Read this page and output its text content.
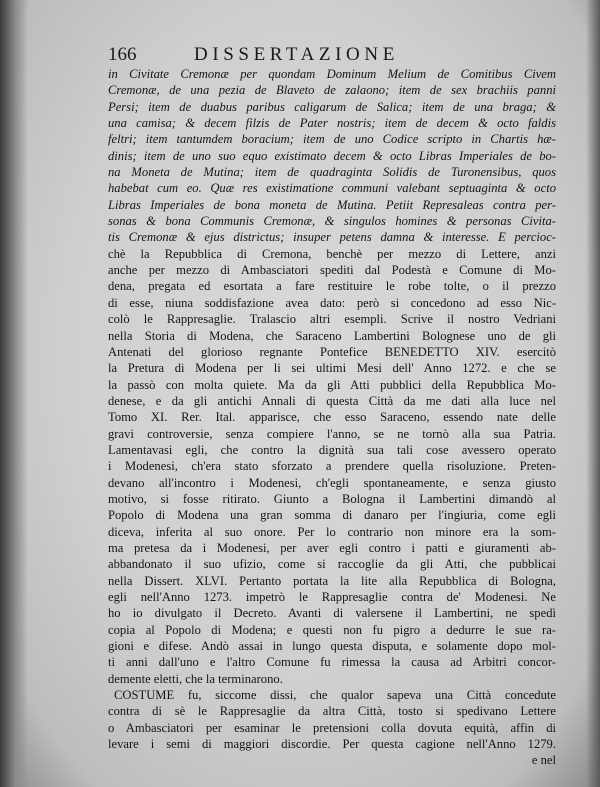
166	DISSERTAZIONE
in Civitate Cremonæ per quondam Dominum Melium de Comitibus Civem
Cremonæ, de una pezia de Blaveto de zalaono; item de sex brachiis panni
Persi; item de duabus paribus caligarum de Salica; item de una braga; &
una camisa; & decem filzis de Pater nostris; item de decem & octo faldis
feltri; item tantumdem boracium; item de uno Codice scripto in Chartis hæ-
dinis; item de uno suo equo existimato decem & octo Libras Imperiales de bo-
na Moneta de Mutina; item de quadraginta Solidis de Turonensibus, quos
habebat cum eo. Quæ res existimatione communi valebant septuaginta & octo
Libras Imperiales de bona moneta de Mutina. Petiit Represaleas contra per-
sonas & bona Communis Cremonæ, & singulos homines & personas Civita-
tis Cremonæ & ejus districtus; insuper petens damna & interesse. E percioc-
chè la Repubblica di Cremona, benchè per mezzo di Lettere, anzi
anche per mezzo di Ambasciatori spediti dal Podestà e Comune di Mo-
dena, pregata ed esortata a fare restituire le robe tolte, o il prezzo
di esse, niuna soddisfazione avea dato: però si concedono ad esso Nic-
colò le Rappresaglie. Tralascio altri esempli. Scrive il nostro Vedriani
nella Storia di Modena, che Saraceno Lambertini Bolognese uno de gli
Antenati del glorioso regnante Pontefice BENEDETTO XIV. esercitò
la Pretura di Modena per li sei ultimi Mesi dell' Anno 1272. e che se
la passò con molta quiete. Ma da gli Atti pubblici della Repubblica Mo-
denese, e da gli antichi Annali di questa Città da me dati alla luce nel
Tomo XI. Rer. Ital. apparisce, che esso Saraceno, essendo nate delle
gravi controversie, senza compiere l'anno, se ne tornò alla sua Patria.
Lamentavasi egli, che contro la dignità sua tali cose avessero operato
i Modenesi, ch'era stato sforzato a prendere quella risoluzione. Preten-
devano all'incontro i Modenesi, ch'egli spontaneamente, e senza giusto
motivo, si fosse ritirato. Giunto a Bologna il Lambertini dimandò al
Popolo di Modena una gran somma di danaro per l'ingiuria, come egli
diceva, inferita al suo onore. Per lo contrario non minore era la som-
ma pretesa da i Modenesi, per aver egli contro i patti e giuramenti ab-
abbandonato il suo ufizio, come si raccoglie da gli Atti, che pubblicai
nella Dissert. XLVI. Pertanto portata la lite alla Repubblica di Bologna,
egli nell'Anno 1273. impetrò le Rappresaglie contra de' Modenesi. Ne
ho io divulgato il Decreto. Avanti di valersene il Lambertini, ne spedì
copia al Popolo di Modena; e questi non fu pigro a dedurre le sue ra-
gioni e difese. Andò assai in lungo questa disputa, e solamente dopo mol-
ti anni dall'uno e l'altro Comune fu rimessa la causa ad Arbitri concor-
demente eletti, che la terminarono.
COSTUME fu, siccome dissi, che qualor sapeva una Città concedute
contra di sè le Rappresaglie da altra Città, tosto si spedivano Lettere
o Ambasciatori per esaminar le pretensioni colla dovuta equità, affin di
levare i semi di maggiori discordie. Per questa cagione nell'Anno 1279.
e nel
